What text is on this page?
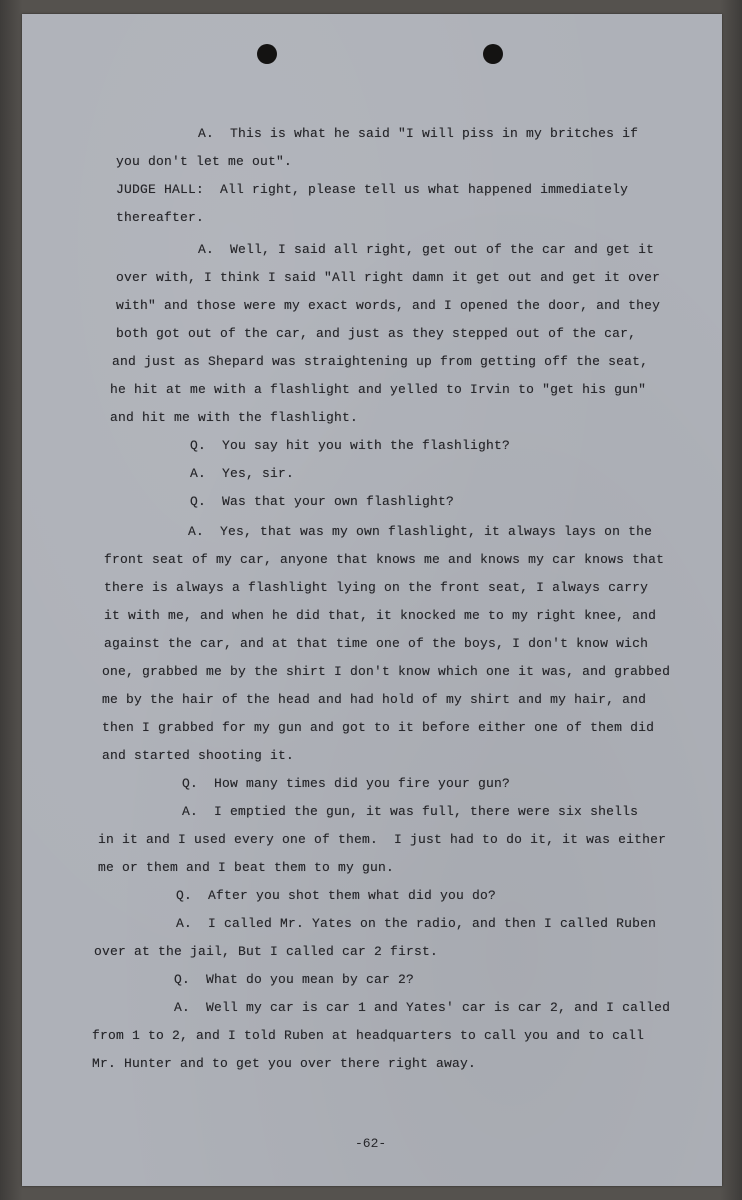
A.  This is what he said "I will piss in my britches if
you don't let me out".
JUDGE HALL:  All right, please tell us what happened immediately
thereafter.
A.  Well, I said all right, get out of the car and get it
over with, I think I said "All right damn it get out and get it over
with" and those were my exact words, and I opened the door, and they
both got out of the car, and just as they stepped out of the car,
and just as Shepard was straightening up from getting off the seat,
he hit at me with a flashlight and yelled to Irvin to "get his gun"
and hit me with the flashlight.
Q.  You say hit you with the flashlight?
A.  Yes, sir.
Q.  Was that your own flashlight?
A.  Yes, that was my own flashlight, it always lays on the
front seat of my car, anyone that knows me and knows my car knows that
there is always a flashlight lying on the front seat, I always carry
it with me, and when he did that, it knocked me to my right knee, and
against the car, and at that time one of the boys, I don't know wich
one, grabbed me by the shirt I don't know which one it was, and grabbed
me by the hair of the head and had hold of my shirt and my hair, and
then I grabbed for my gun and got to it before either one of them did
and started shooting it.
Q.  How many times did you fire your gun?
A.  I emptied the gun, it was full, there were six shells
in it and I used every one of them.  I just had to do it, it was either
me or them and I beat them to my gun.
Q.  After you shot them what did you do?
A.  I called Mr. Yates on the radio, and then I called Ruben
over at the jail, But I called car 2 first.
Q.  What do you mean by car 2?
A.  Well my car is car 1 and Yates' car is car 2, and I called
from 1 to 2, and I told Ruben at headquarters to call you and to call
Mr. Hunter and to get you over there right away.
-62-
